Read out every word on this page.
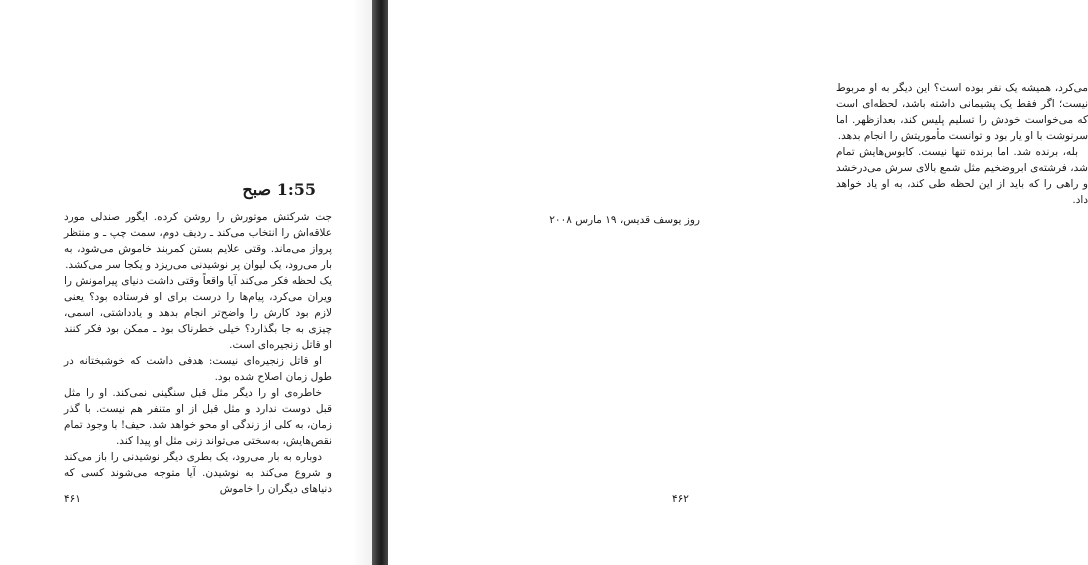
1:55 صبح

جت شرکتش موتورش را روشن کرده. ایگور صندلی مورد علاقه‌اش را انتخاب می‌کند ـ ردیف دوم، سمت چپ ـ و منتظر پرواز می‌ماند. وقتی علایم بستن کمربند خاموش می‌شود، به بار می‌رود، یک لیوان پر نوشیدنی می‌ریزد و یکجا سر می‌کشد.

یک لحظه فکر می‌کند آیا واقعاً وقتی داشت دنیای پیرامونش را ویران می‌کرد، پیام‌ها را درست برای او فرستاده بود؟ یعنی لازم بود کارش را واضح‌تر انجام بدهد و یادداشتی، اسمی، چیزی به جا بگذارد؟ خیلی خطرناک بود ـ ممکن بود فکر کنند او قاتل زنجیره‌ای است.

او قاتل زنجیره‌ای نیست: هدفی داشت که خوشبختانه در طول زمان اصلاح شده بود.

خاطره‌ی او را دیگر مثل قبل سنگینی نمی‌کند. او را مثل قبل دوست ندارد و مثل قبل از او متنفر هم نیست. با گذر زمان، به کلی از زندگی او محو خواهد شد. حیف! با وجود تمام نقص‌هایش، به‌سختی می‌تواند زنی مثل او پیدا کند.

دوباره به بار می‌رود، یک بطری دیگر نوشیدنی را باز می‌کند و شروع می‌کند به نوشیدن. آیا متوجه می‌شوند کسی که دنیاهای دیگران را خاموش

۴۶۱

می‌کرد، همیشه یک نفر بوده است؟ این دیگر به او مربوط نیست؛ اگر فقط یک پشیمانی داشته باشد، لحظه‌ای است که می‌خواست خودش را تسلیم پلیس کند، بعدازظهر. اما سرنوشت با او یار بود و توانست مأموریتش را انجام بدهد.

بله، برنده شد. اما برنده تنها نیست. کابوس‌هایش تمام شد، فرشته‌ی ابروضخیم مثل شمع بالای سرش می‌درخشد و راهی را که باید از این لحظه طی کند، به او یاد خواهد داد.

روز یوسف قدیس، ۱۹ مارس ۲۰۰۸
۴۶۲
